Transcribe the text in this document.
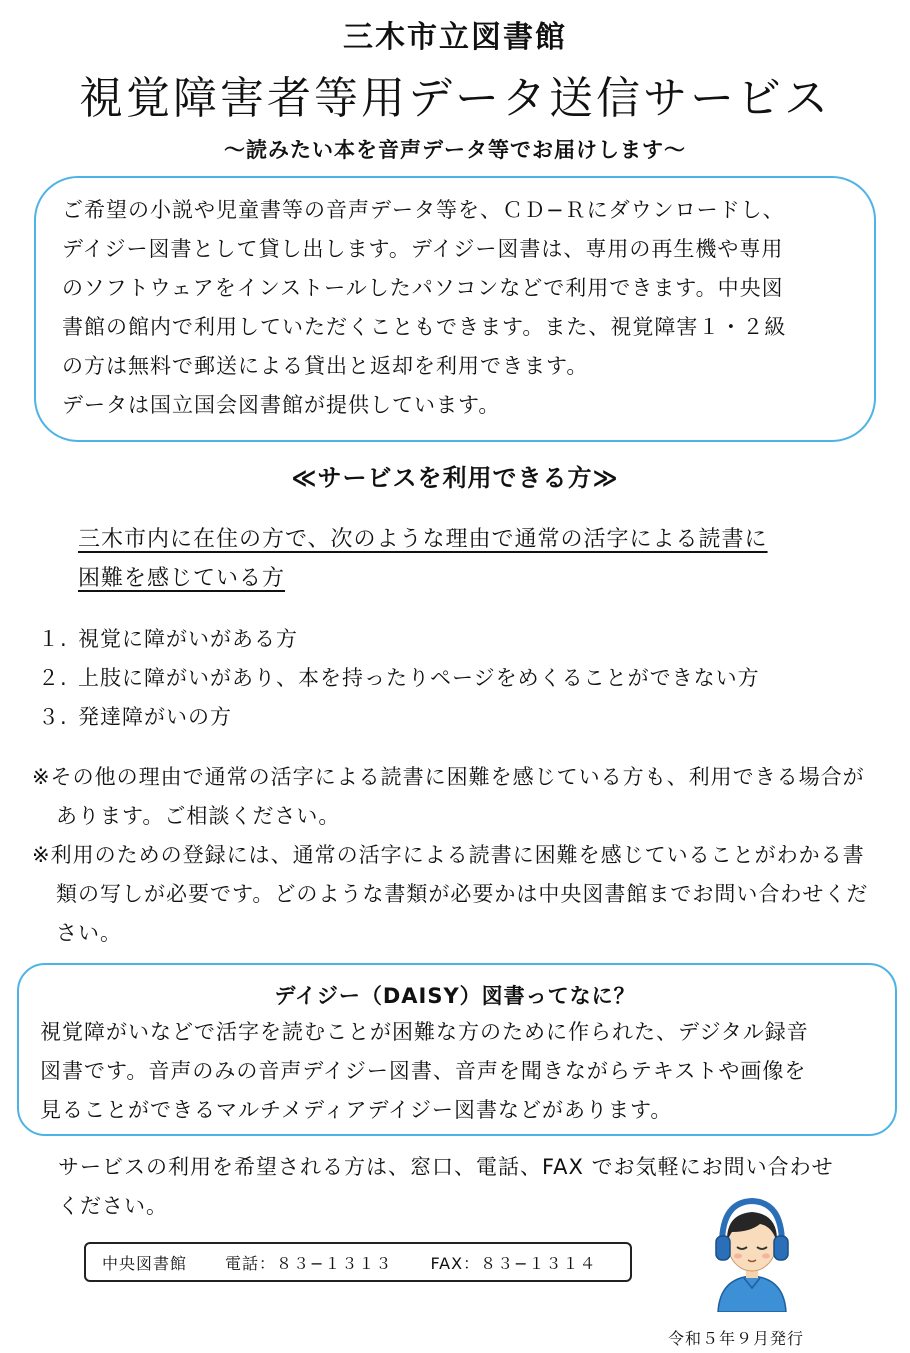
三木市立図書館
視覚障害者等用データ送信サービス
～読みたい本を音声データ等でお届けします～
ご希望の小説や児童書等の音声データ等を、ＣＤ−Ｒにダウンロードし、
デイジー図書として貸し出します。デイジー図書は、専用の再生機や専用
のソフトウェアをインストールしたパソコンなどで利用できます。中央図
書館の館内で利用していただくこともできます。また、視覚障害１・２級
の方は無料で郵送による貸出と返却を利用できます。
データは国立国会図書館が提供しています。
≪サービスを利用できる方≫
三木市内に在住の方で、次のような理由で通常の活字による読書に
困難を感じている方
１. 視覚に障がいがある方
２. 上肢に障がいがあり、本を持ったりページをめくることができない方
３. 発達障がいの方
※その他の理由で通常の活字による読書に困難を感じている方も、利用できる場合があります。ご相談ください。
※利用のための登録には、通常の活字による読書に困難を感じていることがわかる書類の写しが必要です。どのような書類が必要かは中央図書館までお問い合わせください。
デイジー（DAISY）図書ってなに？
視覚障がいなどで活字を読むことが困難な方のために作られた、デジタル録音
図書です。音声のみの音声デイジー図書、音声を聞きながらテキストや画像を
見ることができるマルチメディアデイジー図書などがあります。
サービスの利用を希望される方は、窓口、電話、FAX でお気軽にお問い合わせ
ください。
中央図書館 電話：８３−１３１３ FAX：８３−１３１４
令和５年９月発行
